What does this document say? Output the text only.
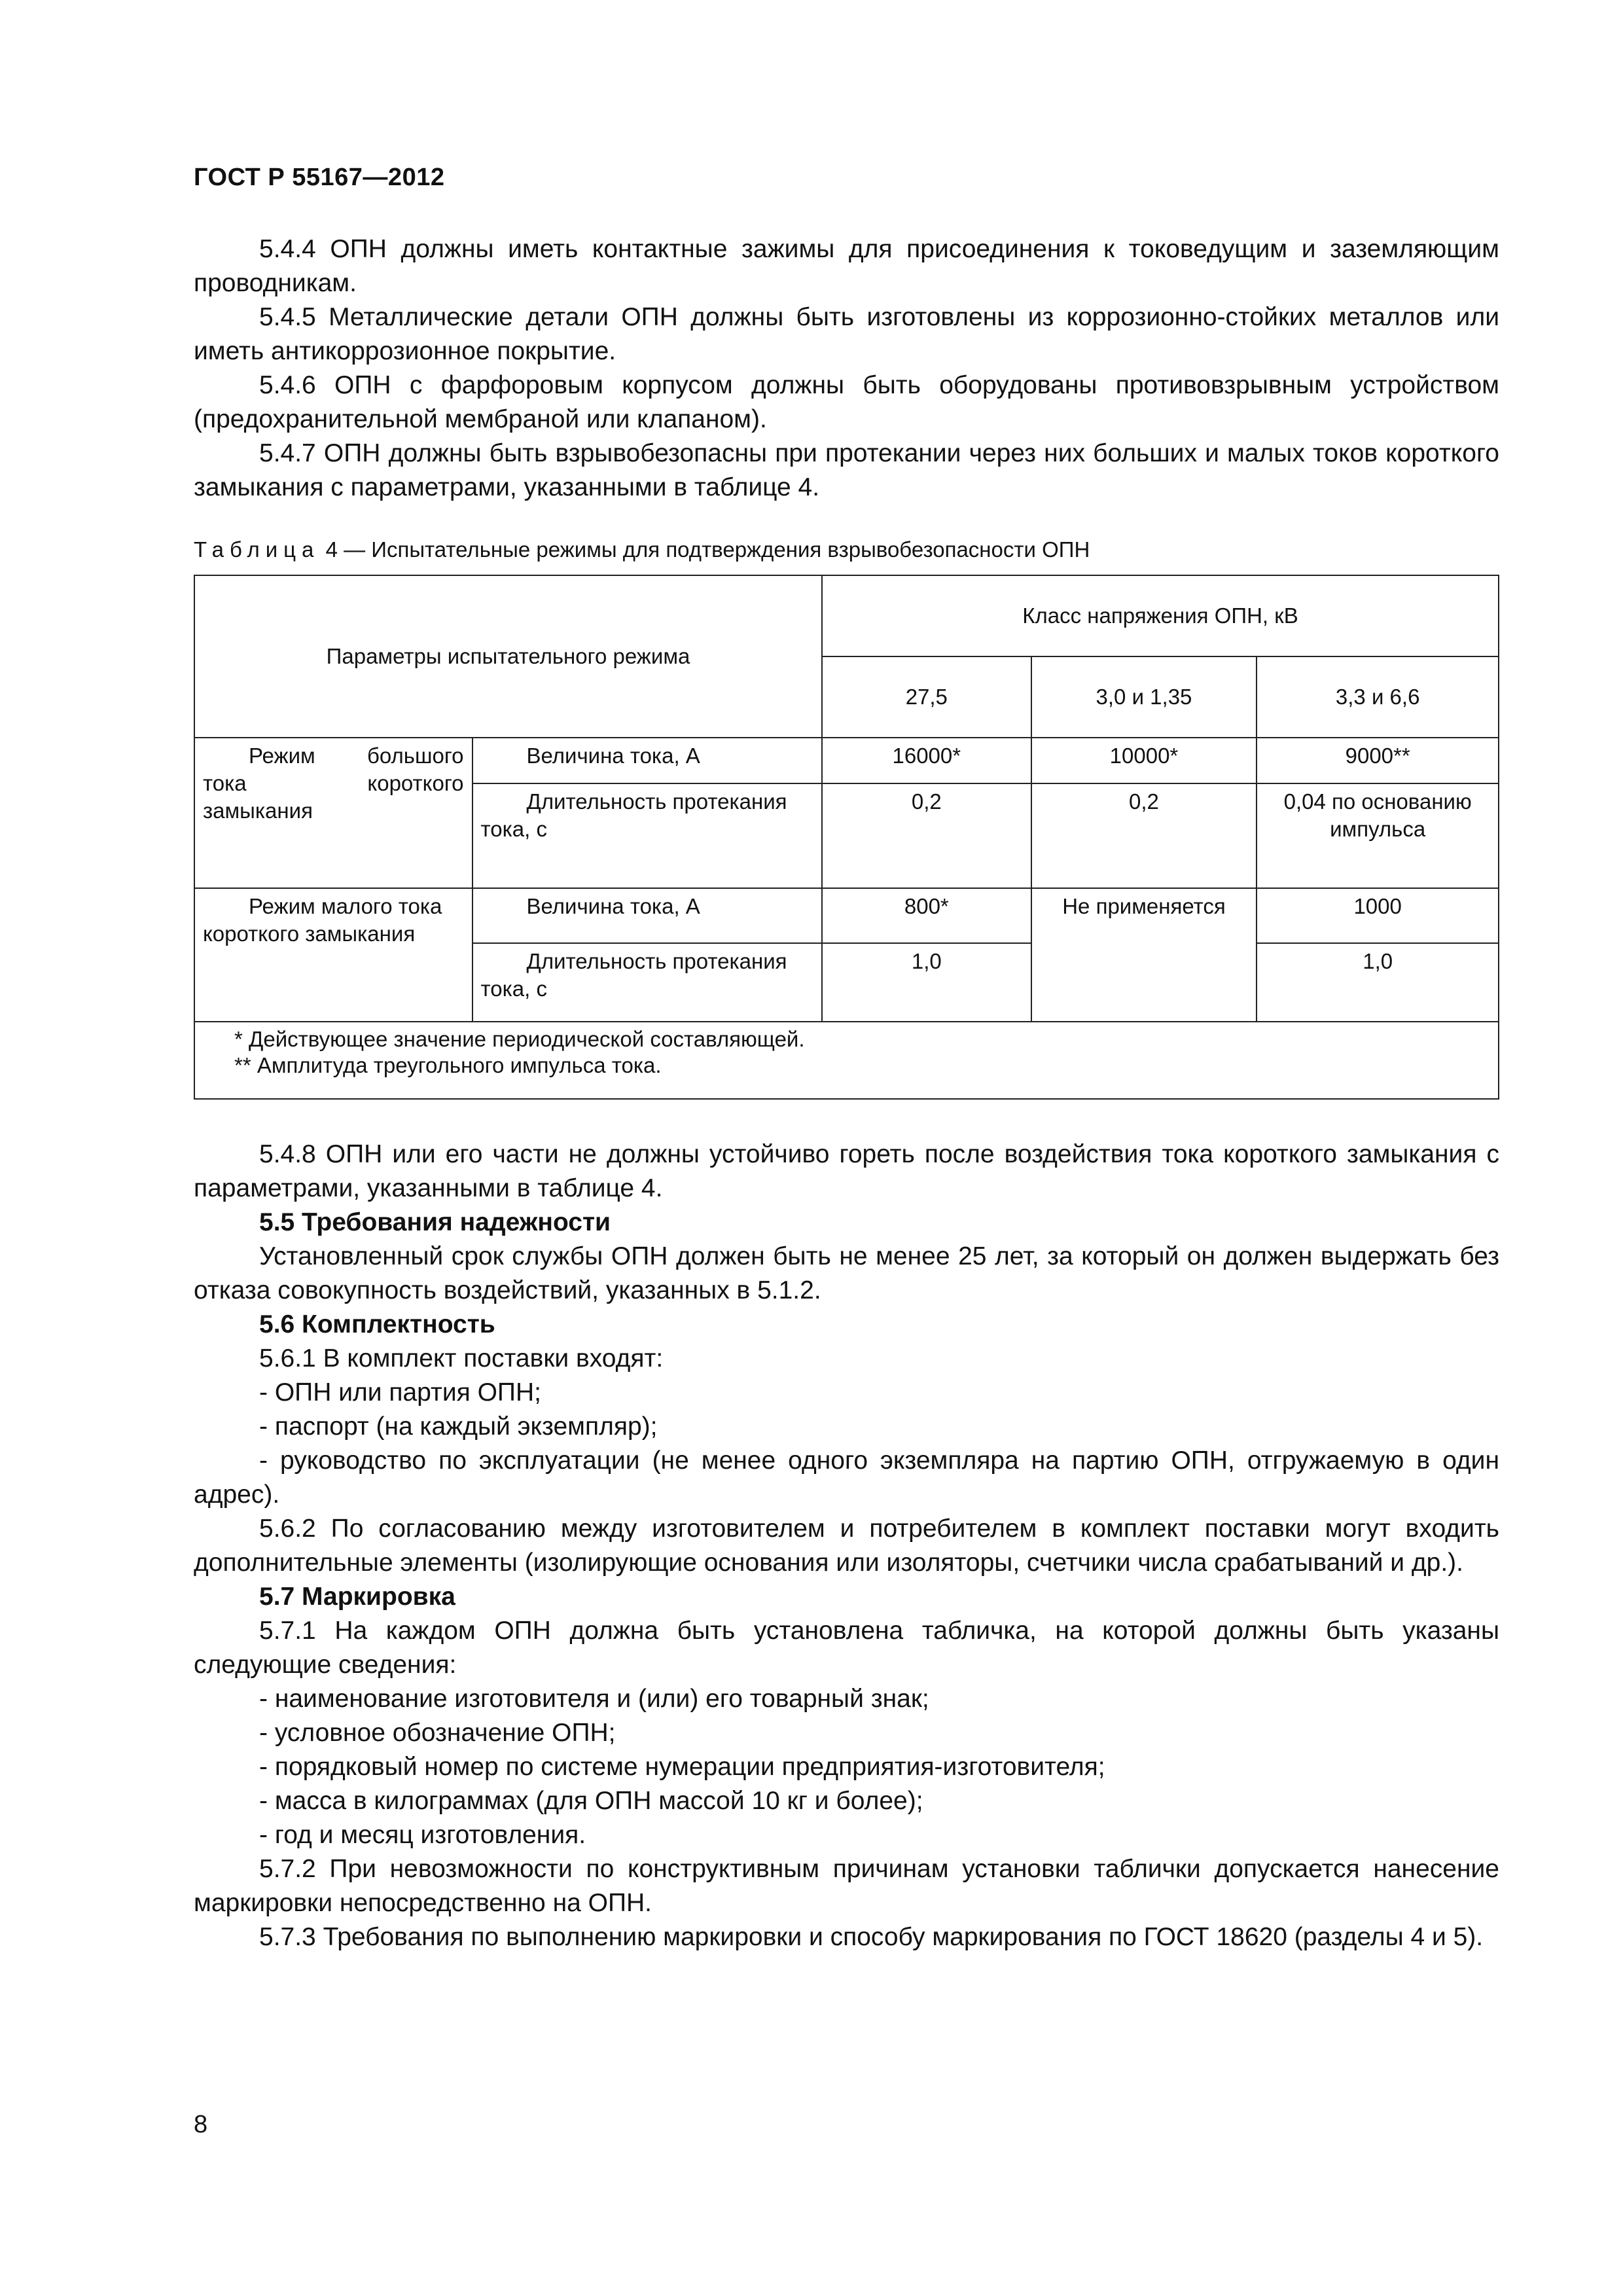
ГОСТ Р 55167—2012

5.4.4 ОПН должны иметь контактные зажимы для присоединения к токоведущим и заземляющим проводникам.

5.4.5 Металлические детали ОПН должны быть изготовлены из коррозионно-стойких металлов или иметь антикоррозионное покрытие.

5.4.6 ОПН с фарфоровым корпусом должны быть оборудованы противовзрывным устройством (предохранительной мембраной или клапаном).

5.4.7 ОПН должны быть взрывобезопасны при протекании через них больших и малых токов короткого замыкания с параметрами, указанными в таблице 4.

Таблица 4 — Испытательные режимы для подтверждения взрывобезопасности ОПН
Параметры испытательного режима		Класс напряжения ОПН, кВ		
		27,5	3,0 и 1,35	3,3 и 6,6
Режим большого тока короткого замыкания	Величина тока, А	16000*	10000*	9000**
	Длительность протекания тока, с	0,2	0,2	0,04 по основанию импульса
Режим малого тока короткого замыкания	Величина тока, А	800*	Не применяется	1000
	Длительность протекания тока, с	1,0		1,0

* Действующее значение периодической составляющей.
** Амплитуда треугольного импульса тока.				

5.4.8 ОПН или его части не должны устойчиво гореть после воздействия тока короткого замыкания с параметрами, указанными в таблице 4.

5.5 Требования надежности

Установленный срок службы ОПН должен быть не менее 25 лет, за который он должен выдержать без отказа совокупность воздействий, указанных в 5.1.2.

5.6 Комплектность

5.6.1 В комплект поставки входят:

- ОПН или партия ОПН;

- паспорт (на каждый экземпляр);

- руководство по эксплуатации (не менее одного экземпляра на партию ОПН, отгружаемую в один адрес).

5.6.2 По согласованию между изготовителем и потребителем в комплект поставки могут входить дополнительные элементы (изолирующие основания или изоляторы, счетчики числа срабатываний и др.).

5.7 Маркировка

5.7.1 На каждом ОПН должна быть установлена табличка, на которой должны быть указаны следующие сведения:

- наименование изготовителя и (или) его товарный знак;

- условное обозначение ОПН;

- порядковый номер по системе нумерации предприятия-изготовителя;

- масса в килограммах (для ОПН массой 10 кг и более);

- год и месяц изготовления.

5.7.2 При невозможности по конструктивным причинам установки таблички допускается нанесение маркировки непосредственно на ОПН.

5.7.3 Требования по выполнению маркировки и способу маркирования по ГОСТ 18620 (разделы 4 и 5).

8
